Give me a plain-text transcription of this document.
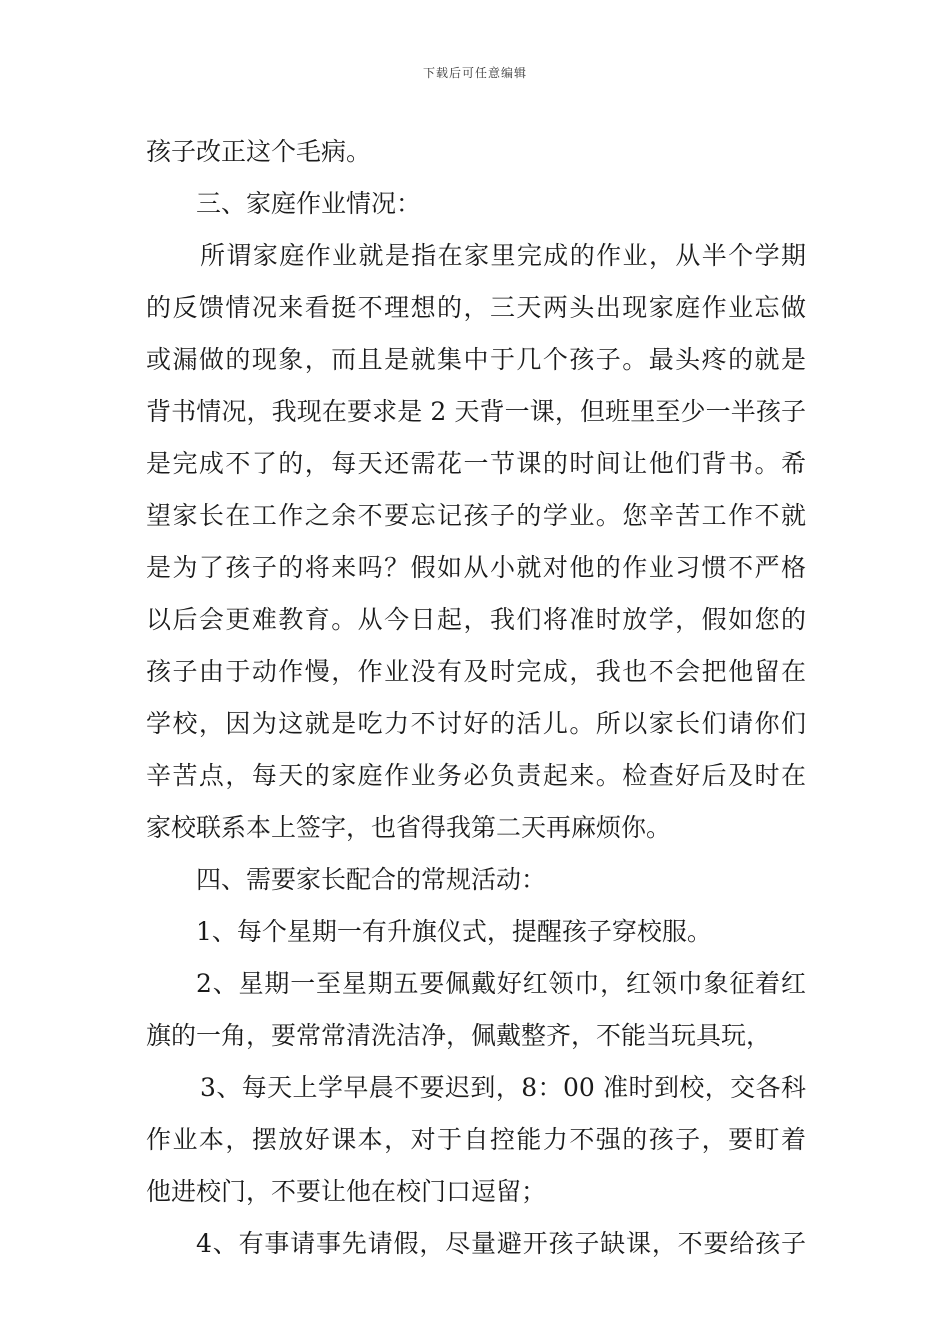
下载后可任意编辑
孩子改正这个毛病。
三、家庭作业情况：
所谓家庭作业就是指在家里完成的作业，从半个学期
的反馈情况来看挺不理想的，三天两头出现家庭作业忘做
或漏做的现象，而且是就集中于几个孩子。最头疼的就是
背书情况，我现在要求是 2 天背一课，但班里至少一半孩子
是完成不了的，每天还需花一节课的时间让他们背书。希
望家长在工作之余不要忘记孩子的学业。您辛苦工作不就
是为了孩子的将来吗？假如从小就对他的作业习惯不严格
以后会更难教育。从今日起，我们将准时放学，假如您的
孩子由于动作慢，作业没有及时完成，我也不会把他留在
学校，因为这就是吃力不讨好的活儿。所以家长们请你们
辛苦点，每天的家庭作业务必负责起来。检查好后及时在
家校联系本上签字，也省得我第二天再麻烦你。
四、需要家长配合的常规活动：
1、每个星期一有升旗仪式，提醒孩子穿校服。
2、星期一至星期五要佩戴好红领巾，红领巾象征着红
旗的一角，要常常清洗洁净，佩戴整齐，不能当玩具玩，
3、每天上学早晨不要迟到，8：00 准时到校，交各科
作业本，摆放好课本，对于自控能力不强的孩子，要盯着
他进校门，不要让他在校门口逗留；
4、有事请事先请假，尽量避开孩子缺课，不要给孩子
